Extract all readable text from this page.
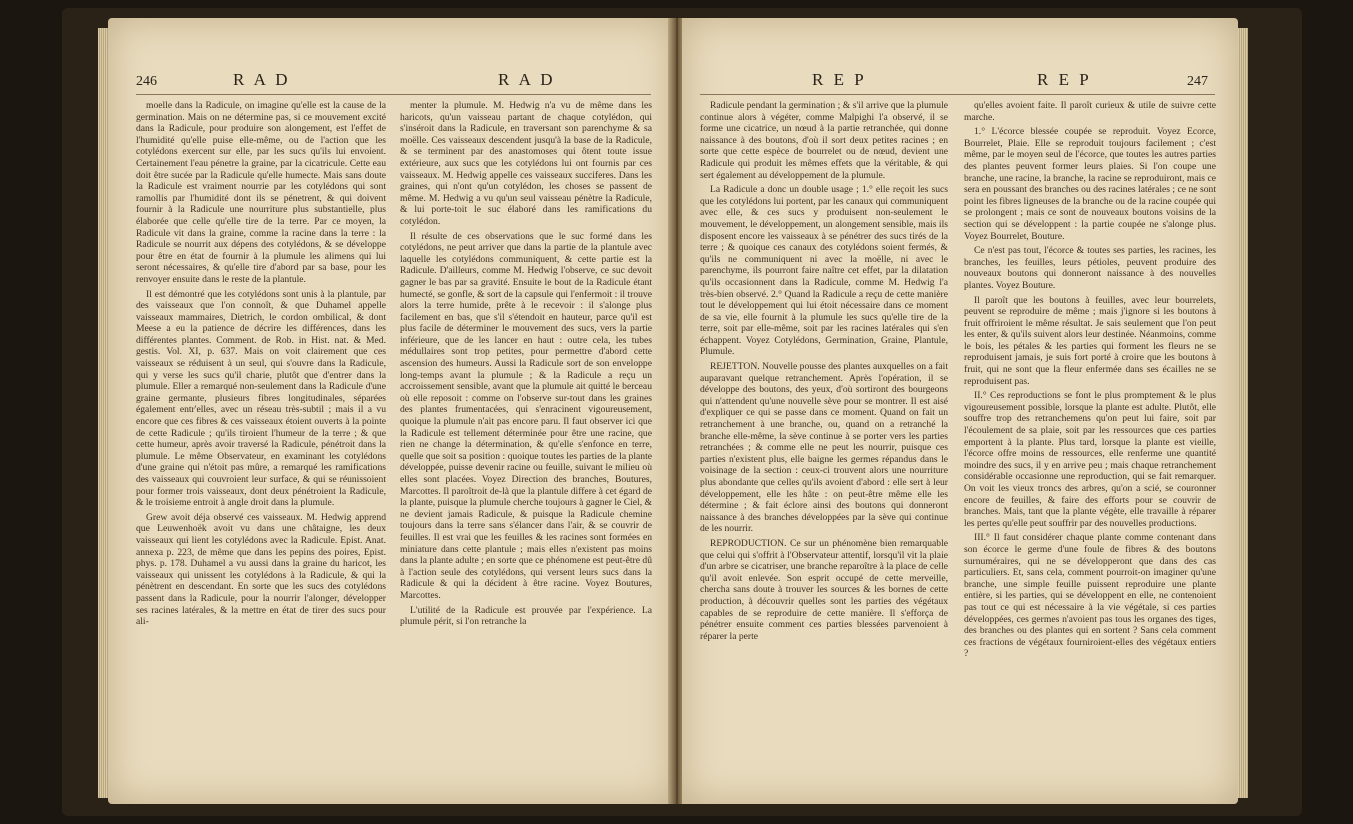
246	R A D	R A D

moelle dans la Radicule, on imagine qu'elle est la cause de la germination. Mais on ne détermine pas, si ce mouvement excité dans la Radicule, pour produire son alongement, est l'effet de l'humidité qu'elle puise elle-même, ou de l'action que les cotylédons exercent sur elle, par les sucs qu'ils lui envoient. Certainement l'eau pénetre la graine, par la cicatricule. Cette eau doit être sucée par la Radicule qu'elle humecte. Mais sans doute la Radicule est vraiment nourrie par les cotylédons qui sont ramollis par l'humidité dont ils se pénetrent, & qui doivent fournir à la Radicule une nourriture plus substantielle, plus élaborée que celle qu'elle tire de la terre. Par ce moyen, la Radicule vit dans la graine, comme la racine dans la terre : la Radicule se nourrit aux dépens des cotylédons, & se développe pour être en état de fournir à la plumule les alimens qui lui seront nécessaires, & qu'elle tire d'abord par sa base, pour les renvoyer ensuite dans le reste de la plantule.

Il est démontré que les cotylédons sont unis à la plantule, par des vaisseaux que l'on connoît, & que Duhamel appelle vaisseaux mammaires, Dietrich, le cordon ombilical, & dont Meese a eu la patience de décrire les différences, dans les différentes plantes. Comment. de Rob. in Hist. nat. & Med. gestis. Vol. XI, p. 637. Mais on voit clairement que ces vaisseaux se réduisent à un seul, qui s'ouvre dans la Radicule, qui y verse les sucs qu'il charie, plutôt que d'entrer dans la plumule. Eller a remarqué non-seulement dans la Radicule d'une graine germante, plusieurs fibres longitudinales, séparées également entr'elles, avec un réseau très-subtil ; mais il a vu encore que ces fibres & ces vaisseaux étoient ouverts à la pointe de cette Radicule ; qu'ils tiroient l'humeur de la terre ; & que cette humeur, après avoir traversé la Radicule, pénétroit dans la plumule. Le même Observateur, en examinant les cotylédons d'une graine qui n'étoit pas mûre, a remarqué les ramifications des vaisseaux qui couvroient leur surface, & qui se réunissoient pour former trois vaisseaux, dont deux pénétroient la Radicule, & le troisieme entroit à angle droit dans la plumule.

Grew avoit déja observé ces vaisseaux. M. Hedwig apprend que Leuwenhoëk avoit vu dans une châtaigne, les deux vaisseaux qui lient les cotylédons avec la Radicule. Epist. Anat. annexa p. 223, de même que dans les pepins des poires, Epist. phys. p. 178. Duhamel a vu aussi dans la graine du haricot, les vaisseaux qui unissent les cotylédons à la Radicule, & qui la pénètrent en descendant. En sorte que les sucs des cotylédons passent dans la Radicule, pour la nourrir l'alonger, développer ses racines latérales, & la mettre en état de tirer des sucs pour ali-

menter la plumule. M. Hedwig n'a vu de même dans les haricots, qu'un vaisseau partant de chaque cotylédon, qui s'inséroit dans la Radicule, en traversant son parenchyme & sa moëlle. Ces vaisseaux descendent jusqu'à la base de la Radicule, & se terminent par des anastomoses qui ôtent toute issue extérieure, aux sucs que les cotylédons lui ont fournis par ces vaisseaux. M. Hedwig appelle ces vaisseaux succiferes. Dans les graines, qui n'ont qu'un cotylédon, les choses se passent de même. M. Hedwig a vu qu'un seul vaisseau pénètre la Radicule, & lui porte-toit le suc élaboré dans les ramifications du cotylédon.

Il résulte de ces observations que le suc formé dans les cotylédons, ne peut arriver que dans la partie de la plantule avec laquelle les cotylédons communiquent, & cette partie est la Radicule. D'ailleurs, comme M. Hedwig l'observe, ce suc devoit gagner le bas par sa gravité. Ensuite le bout de la Radicule étant humecté, se gonfle, & sort de la capsule qui l'enfermoit : il trouve alors la terre humide, prête à le recevoir : il s'alonge plus facilement en bas, que s'il s'étendoit en hauteur, parce qu'il est plus facile de déterminer le mouvement des sucs, vers la partie inférieure, que de les lancer en haut : outre cela, les tubes médullaires sont trop petites, pour permettre d'abord cette ascension des humeurs. Aussi la Radicule sort de son enveloppe long-temps avant la plumule ; & la Radicule a reçu un accroissement sensible, avant que la plumule ait quitté le berceau où elle reposoit : comme on l'observe sur-tout dans les graines des plantes frumentacées, qui s'enracinent vigoureusement, quoique la plumule n'ait pas encore paru. Il faut observer ici que la Radicule est tellement déterminée pour être une racine, que rien ne change la détermination, & qu'elle s'enfonce en terre, quelle que soit sa position : quoique toutes les parties de la plante développée, puisse devenir racine ou feuille, suivant le milieu où elles sont placées. Voyez Direction des branches, Boutures, Marcottes. Il paroîtroit de-là que la plantule differe à cet égard de la plante, puisque la plumule cherche toujours à gagner le Ciel, & ne devient jamais Radicule, & puisque la Radicule chemine toujours dans la terre sans s'élancer dans l'air, & se couvrir de feuilles. Il est vrai que les feuilles & les racines sont formées en miniature dans cette plantule ; mais elles n'existent pas moins dans la plante adulte ; en sorte que ce phénomene est peut-être dû à l'action seule des cotylédons, qui versent leurs sucs dans la Radicule & qui la décident à être racine. Voyez Boutures, Marcottes.

L'utilité de la Radicule est prouvée par l'expérience. La plumule périt, si l'on retranche la

R E P	R E P	247

Radicule pendant la germination ; & s'il arrive que la plumule continue alors à végéter, comme Malpighi l'a observé, il se forme une cicatrice, un nœud à la partie retranchée, qui donne naissance à des boutons, d'où il sort deux petites racines ; en sorte que cette espèce de bourrelet ou de nœud, devient une Radicule qui produit les mêmes effets que la véritable, & qui sert également au développement de la plumule.

La Radicule a donc un double usage ; 1.° elle reçoit les sucs que les cotylédons lui portent, par les canaux qui communiquent avec elle, & ces sucs y produisent non-seulement le mouvement, le développement, un alongement sensible, mais ils disposent encore les vaisseaux à se pénétrer des sucs tirés de la terre ; & quoique ces canaux des cotylédons soient fermés, & qu'ils ne communiquent ni avec la moëlle, ni avec le parenchyme, ils pourront faire naître cet effet, par la dilatation qu'ils occasionnent dans la Radicule, comme M. Hedwig l'a très-bien observé. 2.° Quand la Radicule a reçu de cette manière tout le développement qui lui étoit nécessaire dans ce moment de sa vie, elle fournit à la plumule les sucs qu'elle tire de la terre, soit par elle-même, soit par les racines latérales qui s'en échappent. Voyez Cotylédons, Germination, Graine, Plantule, Plumule.

REJETTON. Nouvelle pousse des plantes auxquelles on a fait auparavant quelque retranchement. Après l'opération, il se développe des boutons, des yeux, d'où sortiront des bourgeons qui n'attendent qu'une nouvelle sève pour se montrer. Il est aisé d'expliquer ce qui se passe dans ce moment. Quand on fait un retranchement à une branche, ou, quand on a retranché la branche elle-même, la sève continue à se porter vers les parties retranchées ; & comme elle ne peut les nourrir, puisque ces parties n'existent plus, elle baigne les germes répandus dans le voisinage de la section : ceux-ci trouvent alors une nourriture plus abondante que celles qu'ils avoient d'abord : elle sert à leur développement, elle les hâte : on peut-être même elle les détermine ; & fait éclore ainsi des boutons qui donneront naissance à des branches développées par la sève qui continue de les nourrir.

REPRODUCTION. Ce sur un phénomène bien remarquable que celui qui s'offrit à l'Observateur attentif, lorsqu'il vit la plaie d'un arbre se cicatriser, une branche reparoître à la place de celle qu'il avoit enlevée. Son esprit occupé de cette merveille, chercha sans doute à trouver les sources & les bornes de cette production, à découvrir quelles sont les parties des végétaux capables de se reproduire de cette manière. Il s'efforça de pénétrer ensuite comment ces parties blessées parvenoient à réparer la perte

qu'elles avoient faite. Il paroît curieux & utile de suivre cette marche.

1.° L'écorce blessée coupée se reproduit. Voyez Ecorce, Bourrelet, Plaie. Elle se reproduit toujours facilement ; c'est même, par le moyen seul de l'écorce, que toutes les autres parties des plantes peuvent former leurs plaies. Si l'on coupe une branche, une racine, la branche, la racine se reproduiront, mais ce sera en poussant des branches ou des racines latérales ; ce ne sont point les fibres ligneuses de la branche ou de la racine coupée qui se prolongent ; mais ce sont de nouveaux boutons voisins de la section qui se développent : la partie coupée ne s'alonge plus. Voyez Bourrelet, Bouture.

Ce n'est pas tout, l'écorce & toutes ses parties, les racines, les branches, les feuilles, leurs pétioles, peuvent produire des nouveaux boutons qui donneront naissance à des nouvelles plantes. Voyez Bouture.

Il paroît que les boutons à feuilles, avec leur bourrelets, peuvent se reproduire de même ; mais j'ignore si les boutons à fruit offriroient le même résultat. Je sais seulement que l'on peut les enter, & qu'ils suivent alors leur destinée. Néanmoins, comme le bois, les pétales & les parties qui forment les fleurs ne se reproduisent jamais, je suis fort porté à croire que les boutons à fruit, qui ne sont que la fleur enfermée dans ses écailles ne se reproduisent pas.

II.° Ces reproductions se font le plus promptement & le plus vigoureusement possible, lorsque la plante est adulte. Plutôt, elle souffre trop des retranchemens qu'on peut lui faire, soit par l'écoulement de sa plaie, soit par les ressources que ces parties emportent à la plante. Plus tard, lorsque la plante est vieille, l'écorce offre moins de ressources, elle renferme une quantité moindre des sucs, il y en arrive peu ; mais chaque retranchement considérable occasionne une reproduction, qui se fait remarquer. On voit les vieux troncs des arbres, qu'on a scié, se couronner encore de feuilles, & faire des efforts pour se couvrir de branches. Mais, tant que la plante végète, elle travaille à réparer les pertes qu'elle peut souffrir par des nouvelles productions.

III.° Il faut considérer chaque plante comme contenant dans son écorce le germe d'une foule de fibres & des boutons surnuméraires, qui ne se développeront que dans des cas particuliers. Et, sans cela, comment pourroit-on imaginer qu'une branche, une simple feuille puissent reproduire une plante entière, si les parties, qui se développent en elle, ne contenoient pas tout ce qui est nécessaire à la vie végétale, si ces parties développées, ces germes n'avoient pas tous les organes des tiges, des branches ou des plantes qui en sortent ? Sans cela comment ces fractions de végétaux fourniroient-elles des végétaux entiers ?
